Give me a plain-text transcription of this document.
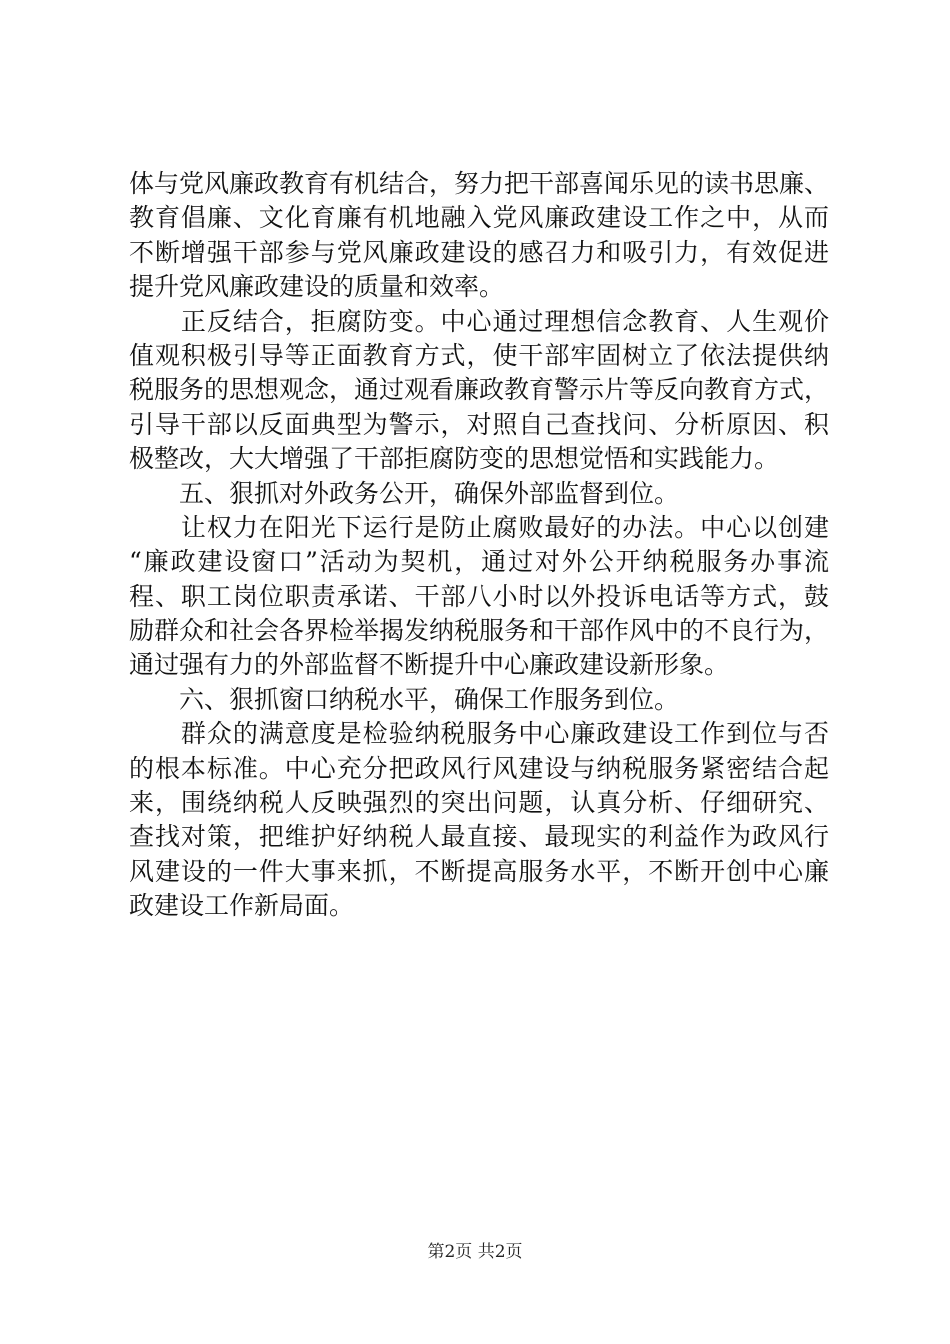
体与党风廉政教育有机结合，努力把干部喜闻乐见的读书思廉、
教育倡廉、文化育廉有机地融入党风廉政建设工作之中，从而
不断增强干部参与党风廉政建设的感召力和吸引力，有效促进
提升党风廉政建设的质量和效率。
　　正反结合，拒腐防变。中心通过理想信念教育、人生观价
值观积极引导等正面教育方式，使干部牢固树立了依法提供纳
税服务的思想观念，通过观看廉政教育警示片等反向教育方式，
引导干部以反面典型为警示，对照自己查找问、分析原因、积
极整改，大大增强了干部拒腐防变的思想觉悟和实践能力。
　　五、狠抓对外政务公开，确保外部监督到位。
　　让权力在阳光下运行是防止腐败最好的办法。中心以创建
“廉政建设窗口”活动为契机，通过对外公开纳税服务办事流
程、职工岗位职责承诺、干部八小时以外投诉电话等方式，鼓
励群众和社会各界检举揭发纳税服务和干部作风中的不良行为，
通过强有力的外部监督不断提升中心廉政建设新形象。
　　六、狠抓窗口纳税水平，确保工作服务到位。
　　群众的满意度是检验纳税服务中心廉政建设工作到位与否
的根本标准。中心充分把政风行风建设与纳税服务紧密结合起
来，围绕纳税人反映强烈的突出问题，认真分析、仔细研究、
查找对策，把维护好纳税人最直接、最现实的利益作为政风行
风建设的一件大事来抓，不断提高服务水平，不断开创中心廉
政建设工作新局面。
第2页 共2页
